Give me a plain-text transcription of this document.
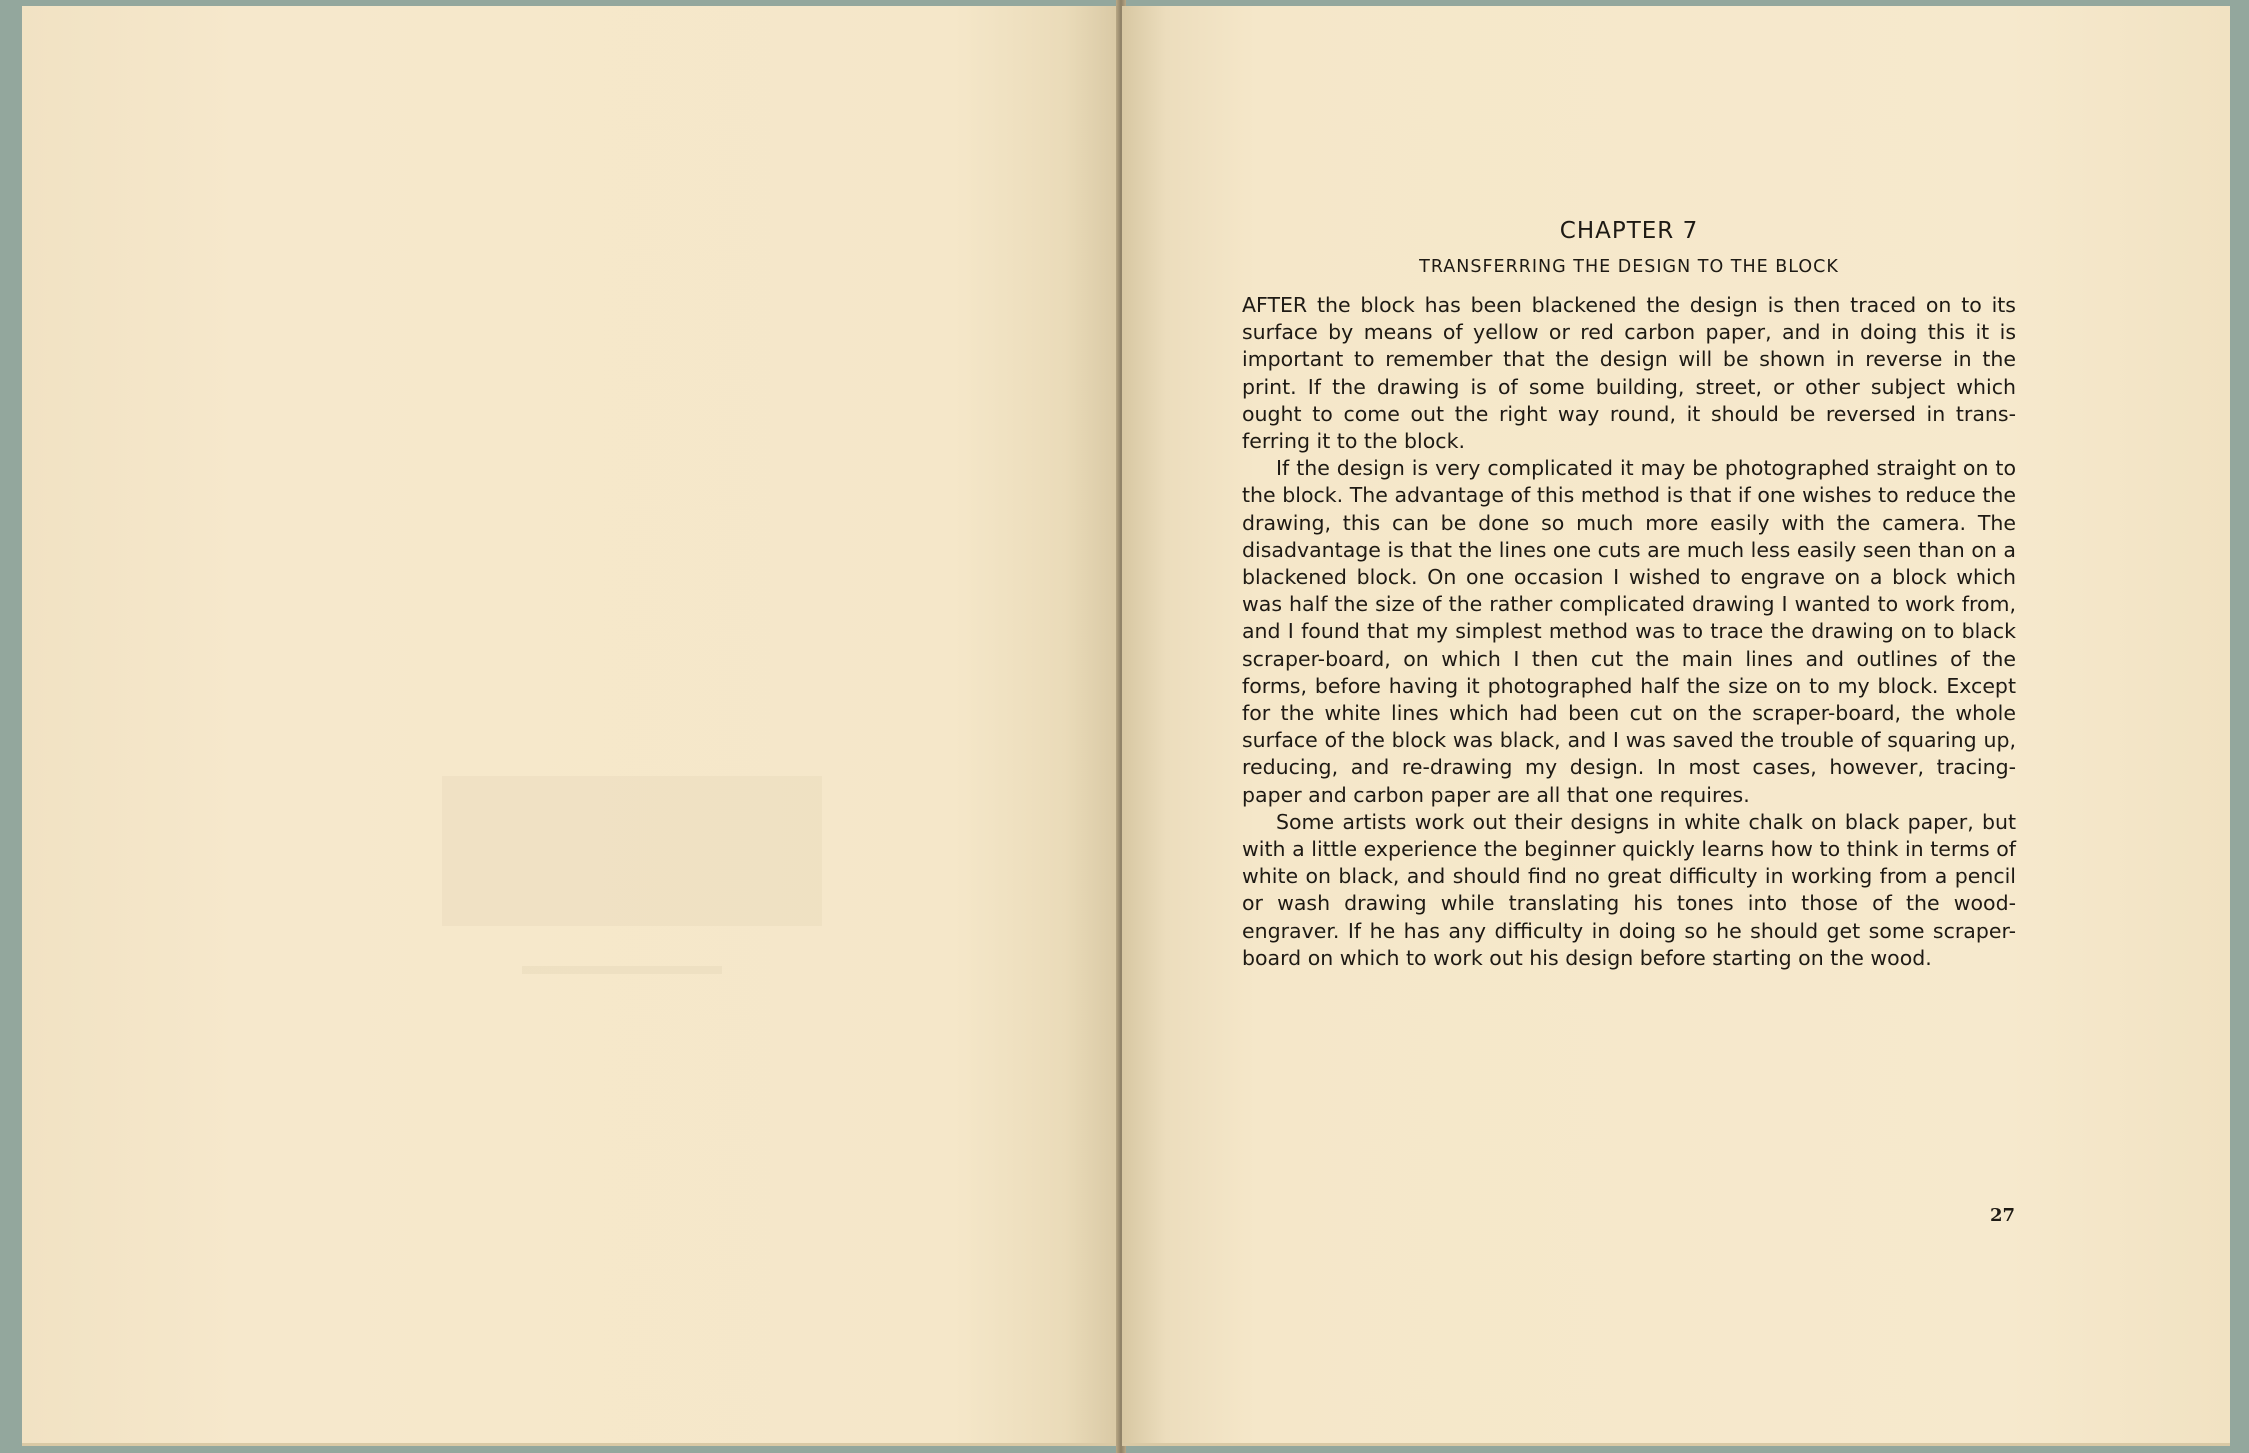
CHAPTER 7
TRANSFERRING THE DESIGN TO THE BLOCK

AFTER the block has been blackened the design is then traced on to its surface by means of yellow or red carbon paper, and in doing this it is important to remember that the design will be shown in reverse in the print. If the drawing is of some building, street, or other subject which ought to come out the right way round, it should be reversed in transferring it to the block.

If the design is very complicated it may be photographed straight on to the block. The advantage of this method is that if one wishes to reduce the drawing, this can be done so much more easily with the camera. The disadvantage is that the lines one cuts are much less easily seen than on a blackened block. On one occasion I wished to engrave on a block which was half the size of the rather complicated drawing I wanted to work from, and I found that my simplest method was to trace the drawing on to black scraper-board, on which I then cut the main lines and outlines of the forms, before having it photographed half the size on to my block. Except for the white lines which had been cut on the scraper-board, the whole surface of the block was black, and I was saved the trouble of squaring up, reducing, and re-drawing my design. In most cases, however, tracing-paper and carbon paper are all that one requires.

Some artists work out their designs in white chalk on black paper, but with a little experience the beginner quickly learns how to think in terms of white on black, and should find no great difficulty in working from a pencil or wash drawing while translating his tones into those of the wood-engraver. If he has any difficulty in doing so he should get some scraper-board on which to work out his design before starting on the wood.

27
